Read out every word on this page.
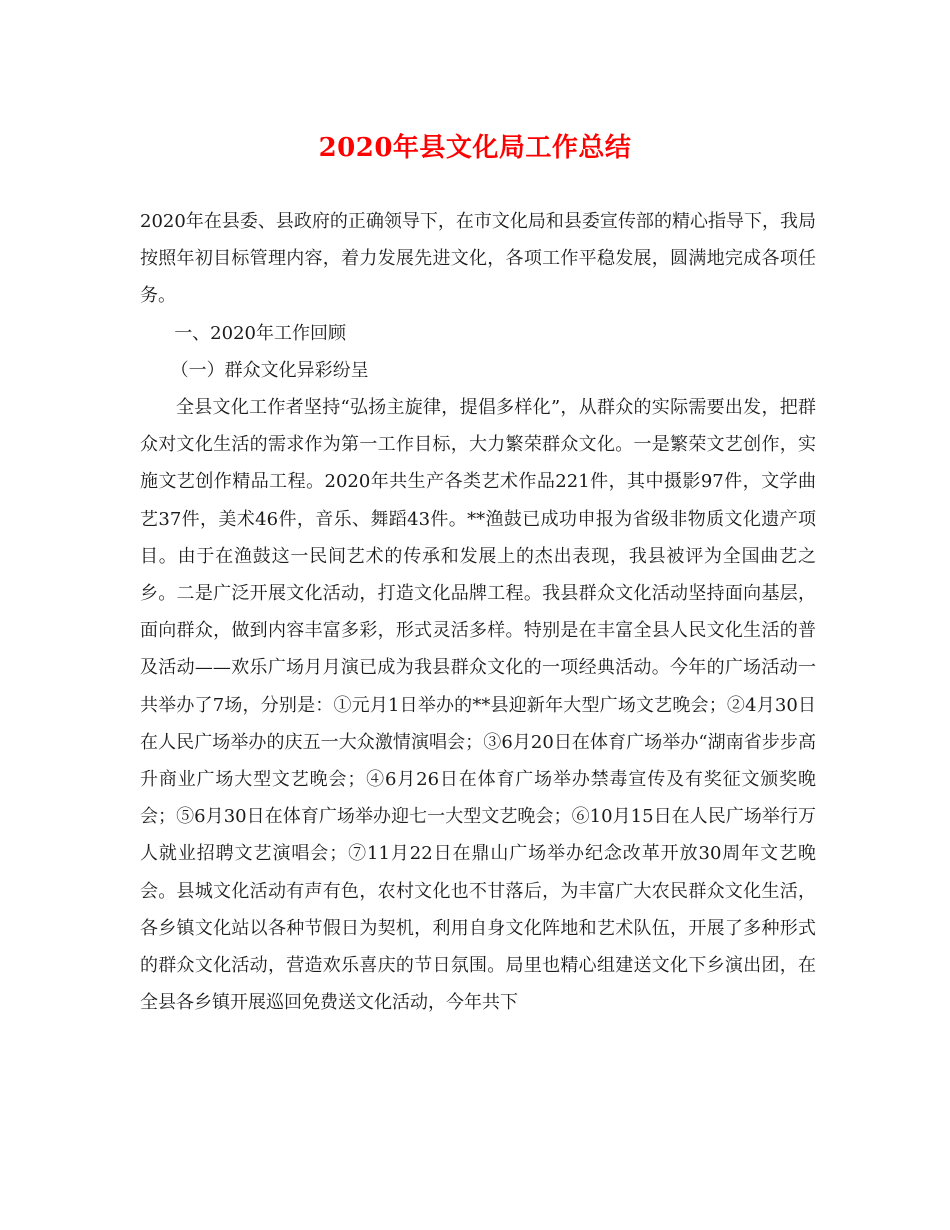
2020年县文化局工作总结

2020年在县委、县政府的正确领导下，在市文化局和县委宣传部的精心指导下，我局按照年初目标管理内容，着力发展先进文化，各项工作平稳发展，圆满地完成各项任务。

一、2020年工作回顾

（一）群众文化异彩纷呈

全县文化工作者坚持“弘扬主旋律，提倡多样化”，从群众的实际需要出发，把群众对文化生活的需求作为第一工作目标，大力繁荣群众文化。一是繁荣文艺创作，实施文艺创作精品工程。2020年共生产各类艺术作品221件，其中摄影97件，文学曲艺37件，美术46件，音乐、舞蹈43件。**渔鼓已成功申报为省级非物质文化遗产项目。由于在渔鼓这一民间艺术的传承和发展上的杰出表现，我县被评为全国曲艺之乡。二是广泛开展文化活动，打造文化品牌工程。我县群众文化活动坚持面向基层，面向群众，做到内容丰富多彩，形式灵活多样。特别是在丰富全县人民文化生活的普及活动——欢乐广场月月演已成为我县群众文化的一项经典活动。今年的广场活动一共举办了7场，分别是：①元月1日举办的**县迎新年大型广场文艺晚会；②4月30日在人民广场举办的庆五一大众激情演唱会；③6月20日在体育广场举办“湖南省步步高升商业广场大型文艺晚会；④6月26日在体育广场举办禁毒宣传及有奖征文颁奖晚会；⑤6月30日在体育广场举办迎七一大型文艺晚会；⑥10月15日在人民广场举行万人就业招聘文艺演唱会；⑦11月22日在鼎山广场举办纪念改革开放30周年文艺晚会。县城文化活动有声有色，农村文化也不甘落后，为丰富广大农民群众文化生活，各乡镇文化站以各种节假日为契机，利用自身文化阵地和艺术队伍，开展了多种形式的群众文化活动，营造欢乐喜庆的节日氛围。局里也精心组建送文化下乡演出团，在全县各乡镇开展巡回免费送文化活动，今年共下
